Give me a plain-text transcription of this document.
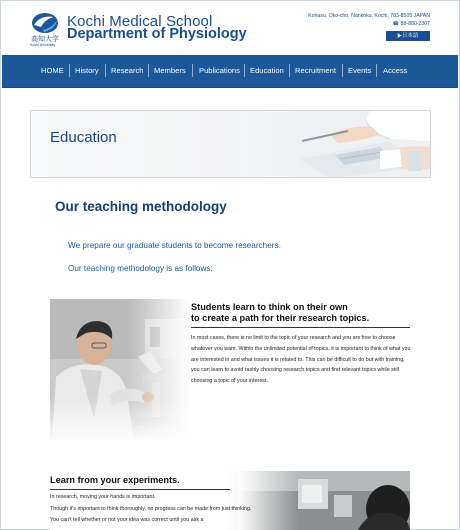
高知大学
Kochi University
Kochi Medical School
Department of Physiology
Kohasu, Oko-cho, Nankoku, Kochi, 783-8505 JAPAN
☎ 88-880-2307
▶日本語
HOME History Research Members Publications Education Recruitment Events Access
Education
Our teaching methodology
We prepare our graduate students to become researchers.
Our teaching methodology is as follows:
Students learn to think on their own
to create a path for their research topics.
In most cases, there is no limit to the topic of your research and you are free to choose whatever you want. Within the unlimited potential of topics, it is important to think of what you are interested in and what issues it is related to. This can be difficult to do but with training, you can learn to avoid rashly choosing research topics and find relevant topics while still choosing a topic of your interest.
Learn from your experiments.
In research, moving your hands is important.
Though it's important to think thoroughly, no progress can be made from just thinking. You can't tell whether or not your idea was correct until you ask a
